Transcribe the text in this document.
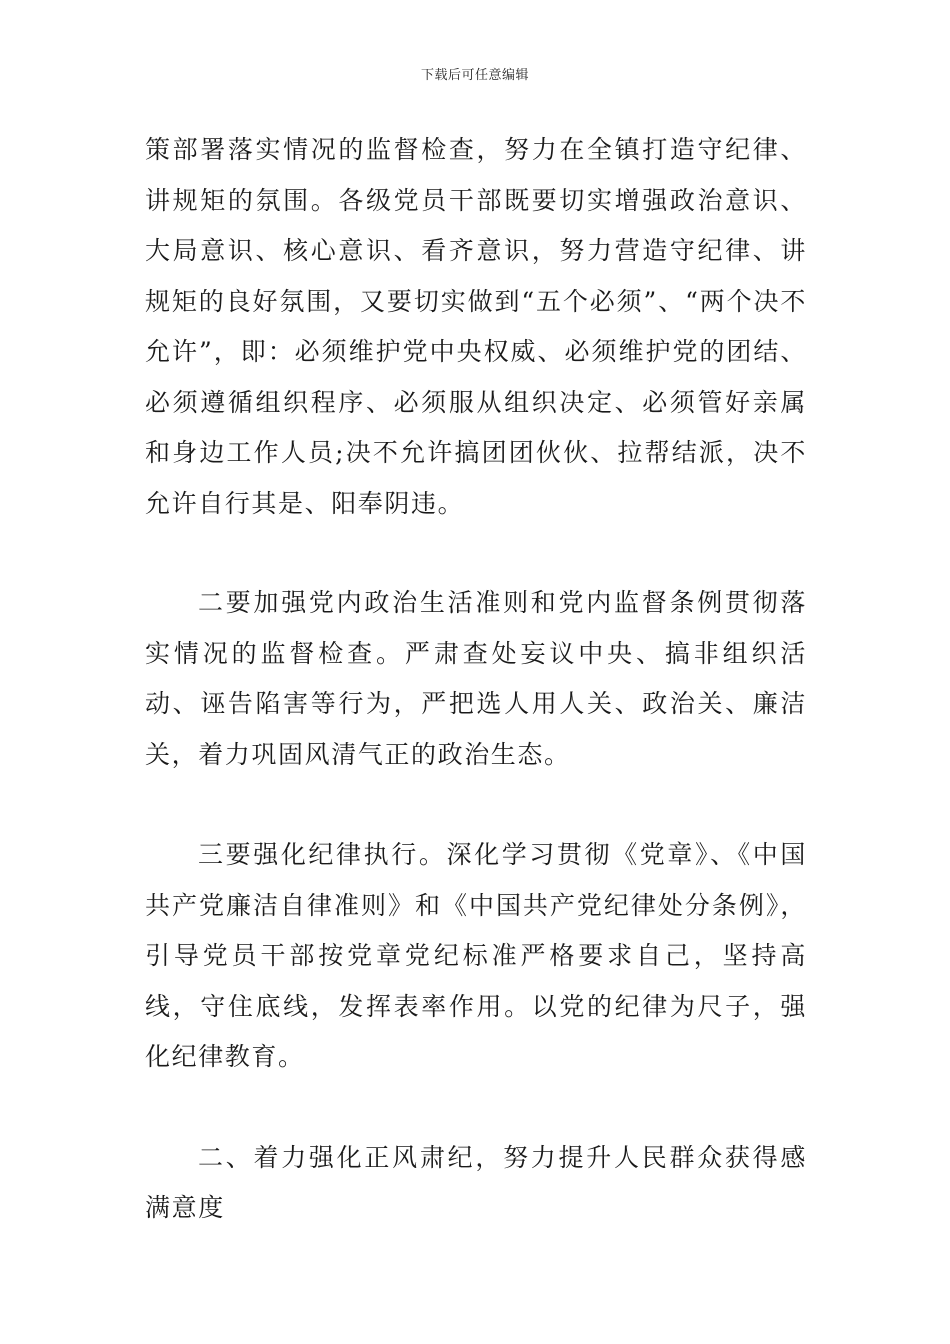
下载后可任意编辑

策部署落实情况的监督检查，努力在全镇打造守纪律、讲规矩的氛围。各级党员干部既要切实增强政治意识、大局意识、核心意识、看齐意识，努力营造守纪律、讲规矩的良好氛围，又要切实做到“五个必须”、“两个决不允许”，即：必须维护党中央权威、必须维护党的团结、必须遵循组织程序、必须服从组织决定、必须管好亲属和身边工作人员;决不允许搞团团伙伙、拉帮结派，决不允许自行其是、阳奉阴违。

二要加强党内政治生活准则和党内监督条例贯彻落实情况的监督检查。严肃查处妄议中央、搞非组织活动、诬告陷害等行为，严把选人用人关、政治关、廉洁关，着力巩固风清气正的政治生态。

三要强化纪律执行。深化学习贯彻《党章》、《中国共产党廉洁自律准则》和《中国共产党纪律处分条例》，引导党员干部按党章党纪标准严格要求自己，坚持高线，守住底线，发挥表率作用。以党的纪律为尺子，强化纪律教育。

二、着力强化正风肃纪，努力提升人民群众获得感满意度
